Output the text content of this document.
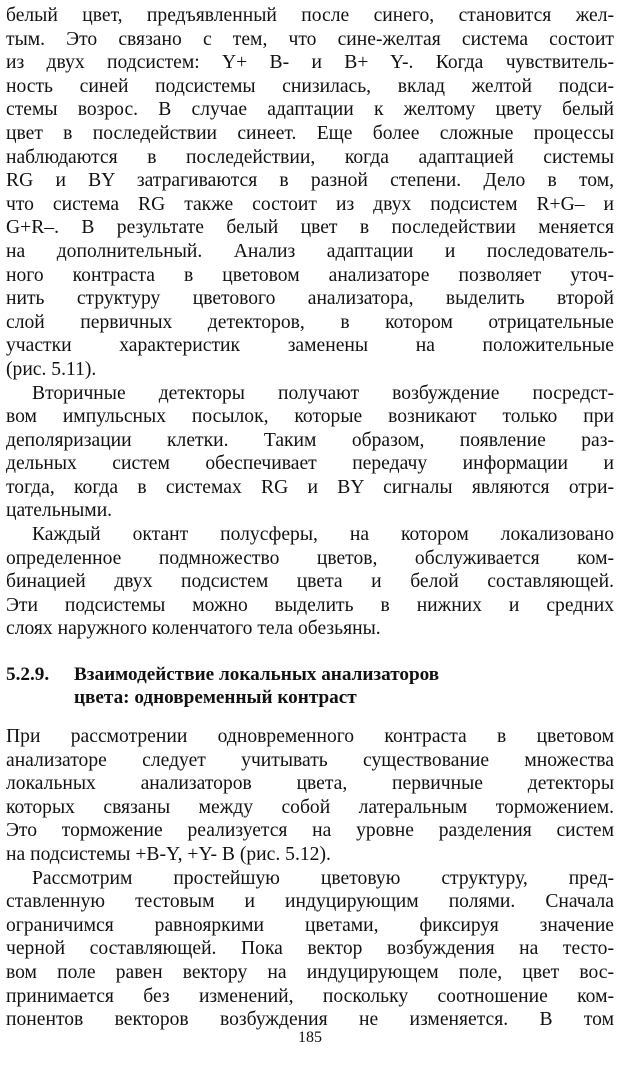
белый цвет, предъявленный после синего, становится жел-
тым. Это связано с тем, что сине-желтая система состоит
из двух подсистем: Y+ B- и B+ Y-. Когда чувствитель-
ность синей подсистемы снизилась, вклад желтой подси-
стемы возрос. В случае адаптации к желтому цвету белый
цвет в последействии синеет. Еще более сложные процессы
наблюдаются в последействии, когда адаптацией системы
RG и BY затрагиваются в разной степени. Дело в том,
что система RG также состоит из двух подсистем R+G– и
G+R–. В результате белый цвет в последействии меняется
на дополнительный. Анализ адаптации и последователь-
ного контраста в цветовом анализаторе позволяет уточ-
нить структуру цветового анализатора, выделить второй
слой первичных детекторов, в котором отрицательные
участки характеристик заменены на положительные
(рис. 5.11).
Вторичные детекторы получают возбуждение посредст-
вом импульсных посылок, которые возникают только при
деполяризации клетки. Таким образом, появление раз-
дельных систем обеспечивает передачу информации и
тогда, когда в системах RG и BY сигналы являются отри-
цательными.
Каждый октант полусферы, на котором локализовано
определенное подмножество цветов, обслуживается ком-
бинацией двух подсистем цвета и белой составляющей.
Эти подсистемы можно выделить в нижних и средних
слоях наружного коленчатого тела обезьяны.
5.2.9. Взаимодействие локальных анализаторов
цвета: одновременный контраст
При рассмотрении одновременного контраста в цветовом
анализаторе следует учитывать существование множества
локальных анализаторов цвета, первичные детекторы
которых связаны между собой латеральным торможением.
Это торможение реализуется на уровне разделения систем
на подсистемы +B-Y, +Y- B (рис. 5.12).
Рассмотрим простейшую цветовую структуру, пред-
ставленную тестовым и индуцирующим полями. Сначала
ограничимся равнояркими цветами, фиксируя значение
черной составляющей. Пока вектор возбуждения на тесто-
вом поле равен вектору на индуцирующем поле, цвет вос-
принимается без изменений, поскольку соотношение ком-
понентов векторов возбуждения не изменяется. В том
185
